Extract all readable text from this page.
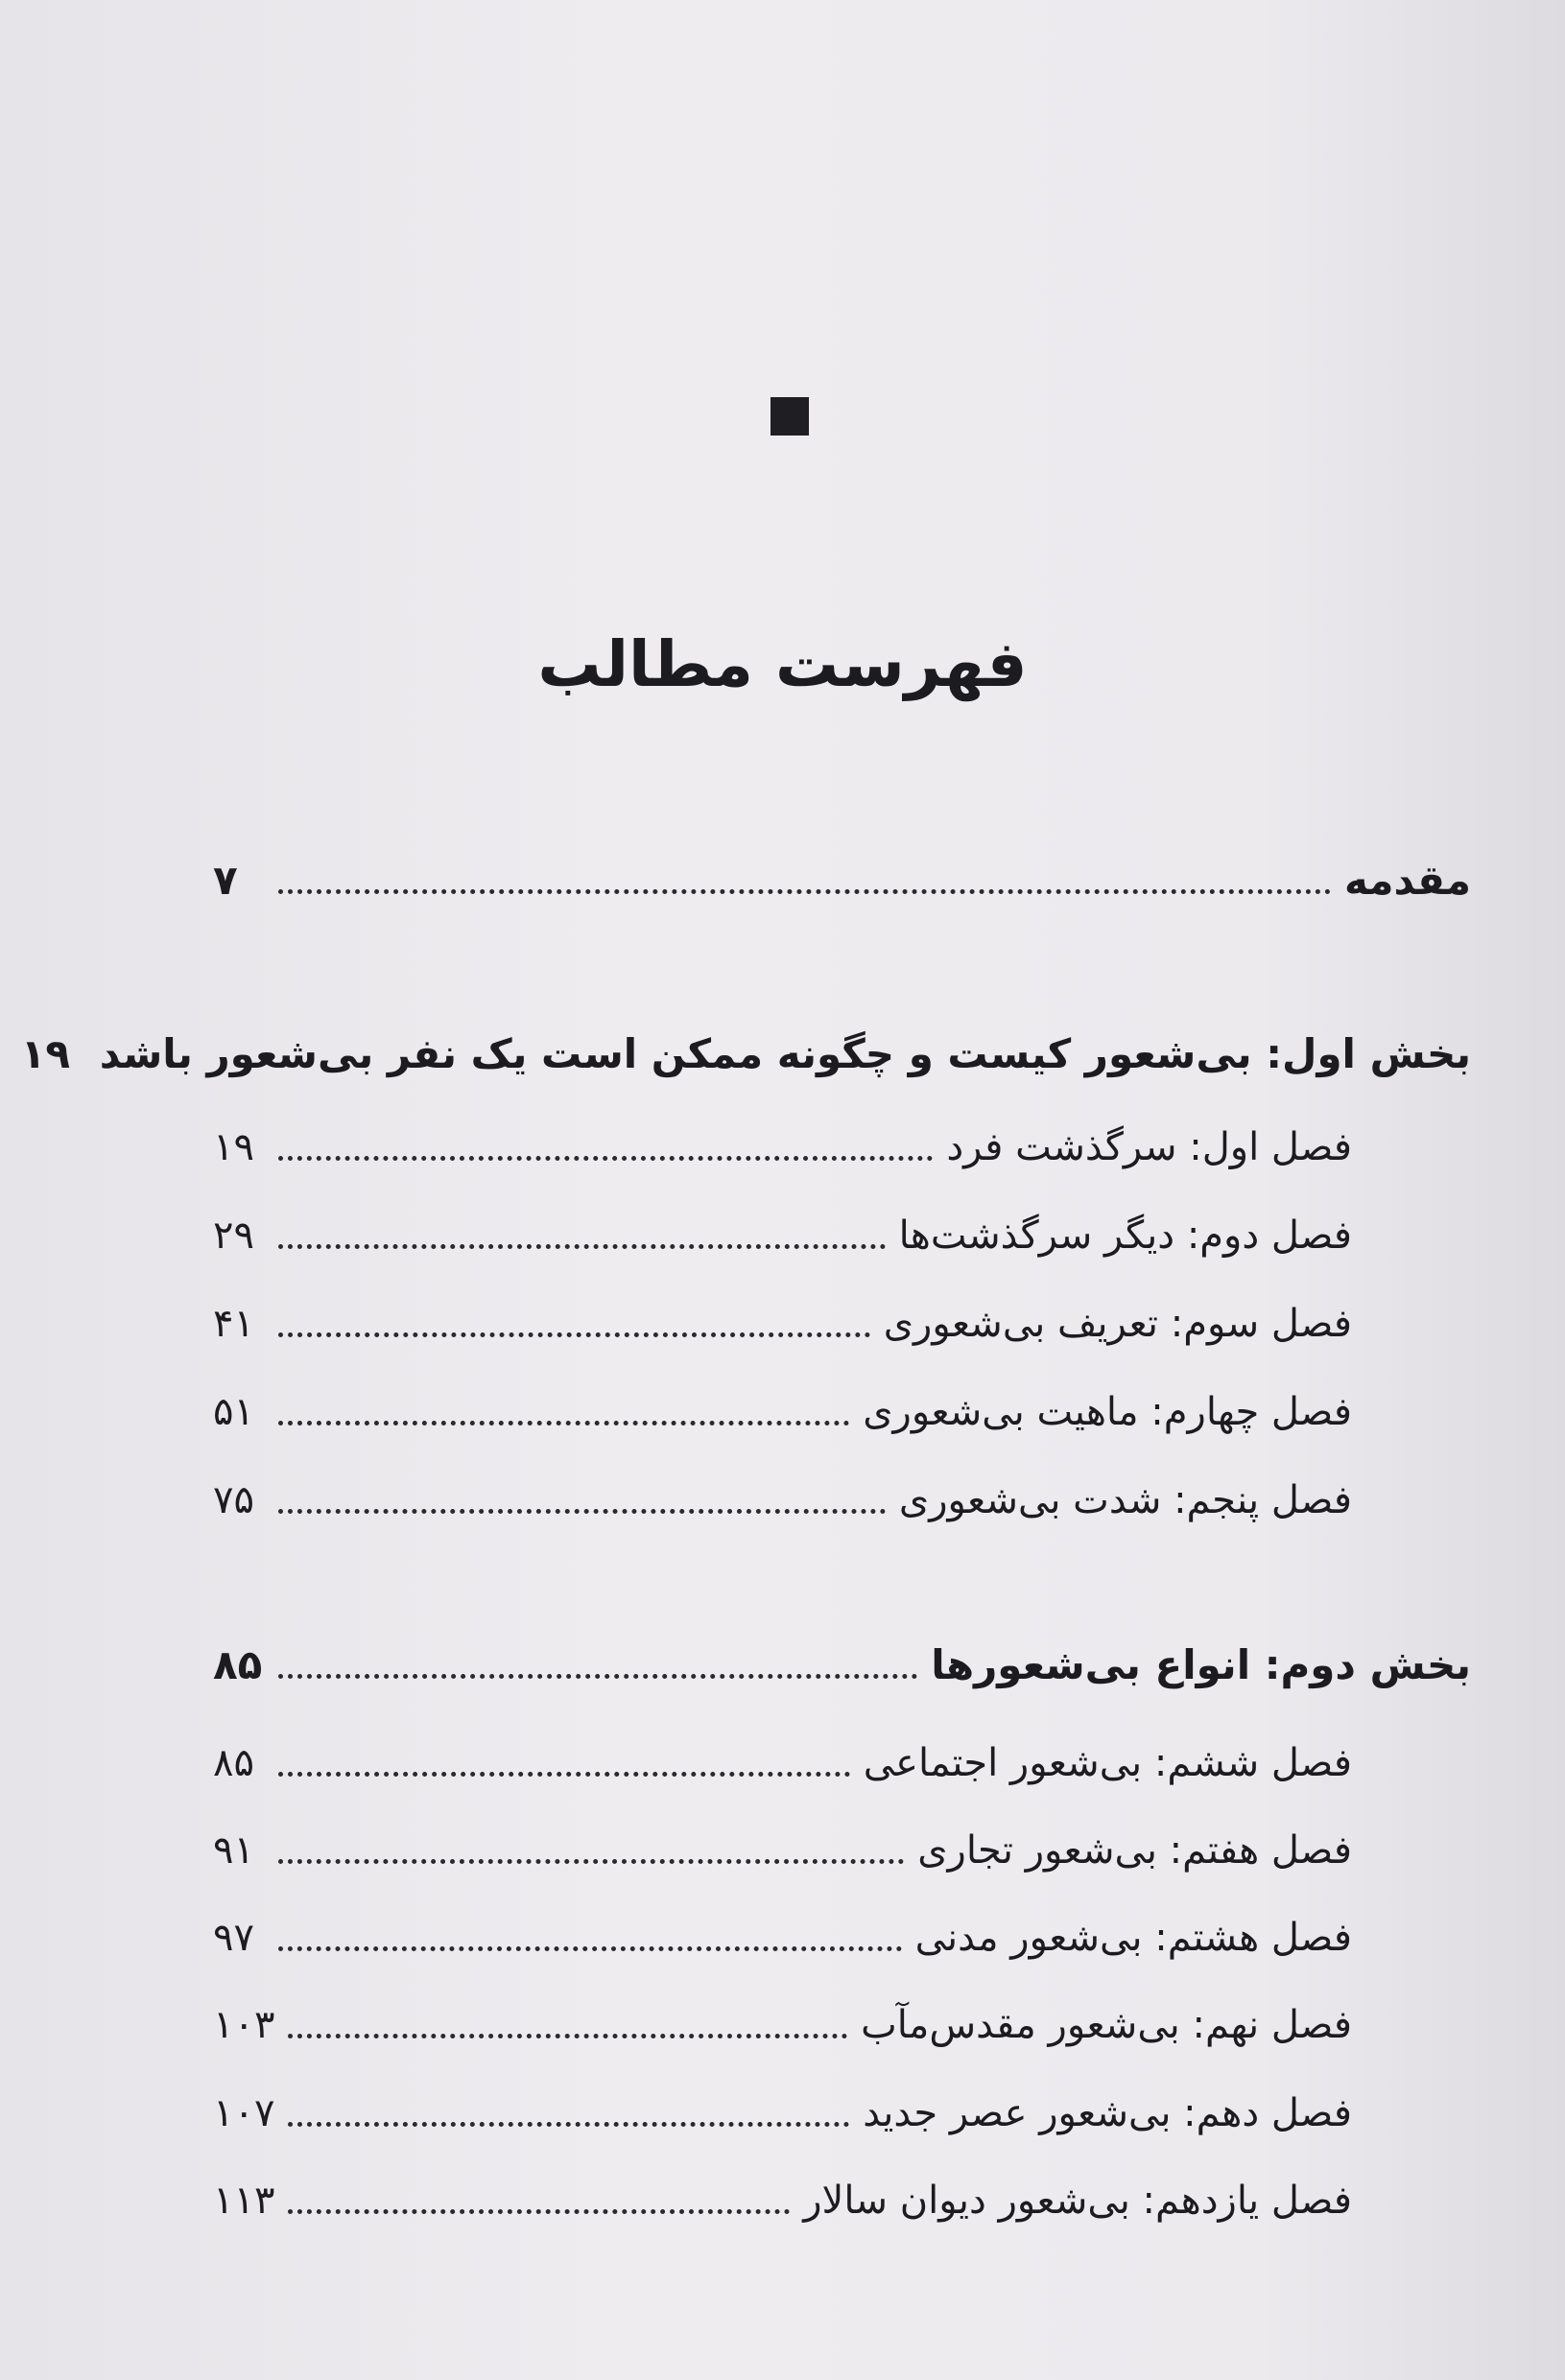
فهرست مطالب
مقدمه
۷
بخش اول: بی‌شعور کیست و چگونه ممکن است یک نفر بی‌شعور باشد
۱۹
فصل اول: سرگذشت فرد
۱۹
فصل دوم: دیگر سرگذشت‌ها
۲۹
فصل سوم: تعریف بی‌شعوری
۴۱
فصل چهارم: ماهیت بی‌شعوری
۵۱
فصل پنجم: شدت بی‌شعوری
۷۵
بخش دوم: انواع بی‌شعورها
۸۵
فصل ششم: بی‌شعور اجتماعی
۸۵
فصل هفتم: بی‌شعور تجاری
۹۱
فصل هشتم: بی‌شعور مدنی
۹۷
فصل نهم: بی‌شعور مقدس‌مآب
۱۰۳
فصل دهم: بی‌شعور عصر جدید
۱۰۷
فصل یازدهم: بی‌شعور دیوان سالار
۱۱۳
